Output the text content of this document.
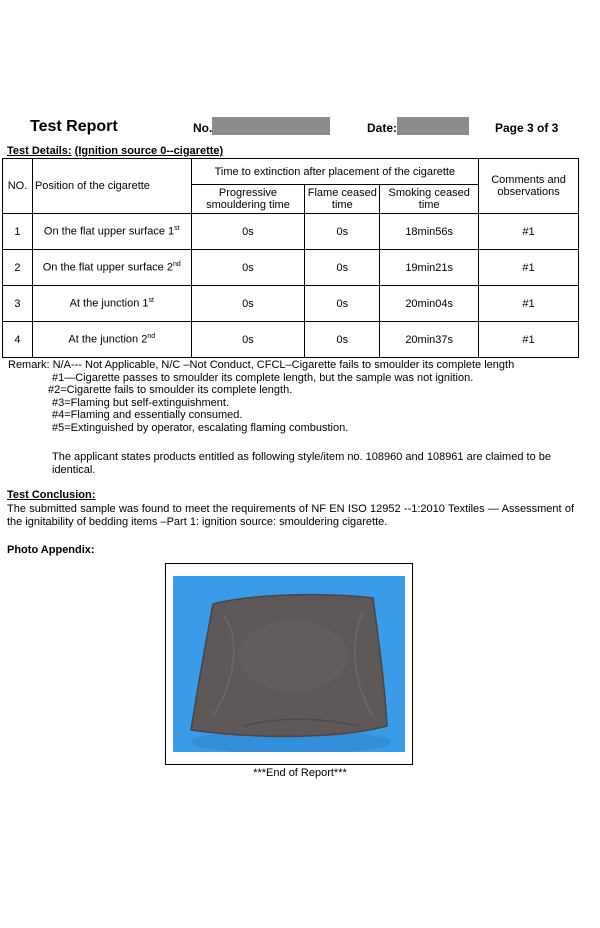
Test Report	No.	Date:	Page 3 of 3
Test Details: (Ignition source 0--cigarette)
NO.	Position of the cigarette	Time to extinction after placement of the cigarette			Comments and observations
		Progressive smouldering time	Flame ceased time	Smoking ceased time	
1	On the flat upper surface 1st	0s	0s	18min56s	#1
2	On the flat upper surface 2nd	0s	0s	19min21s	#1
3	At the junction 1st	0s	0s	20min04s	#1
4	At the junction 2nd	0s	0s	20min37s	#1
Remark: N/A--- Not Applicable, N/C –Not Conduct, CFCL–Cigarette fails to smoulder its complete length
#1—Cigarette passes to smoulder its complete length, but the sample was not ignition.
#2=Cigarette fails to smoulder its complete length.
#3=Flaming but self-extinguishment.
#4=Flaming and essentially consumed.
#5=Extinguished by operator, escalating flaming combustion.
The applicant states products entitled as following style/item no. 108960 and 108961 are claimed to be identical.
Test Conclusion:
The submitted sample was found to meet the requirements of NF EN ISO 12952 --1:2010 Textiles — Assessment of the ignitability of bedding items –Part 1: ignition source: smouldering cigarette.
Photo Appendix:
***End of Report***
